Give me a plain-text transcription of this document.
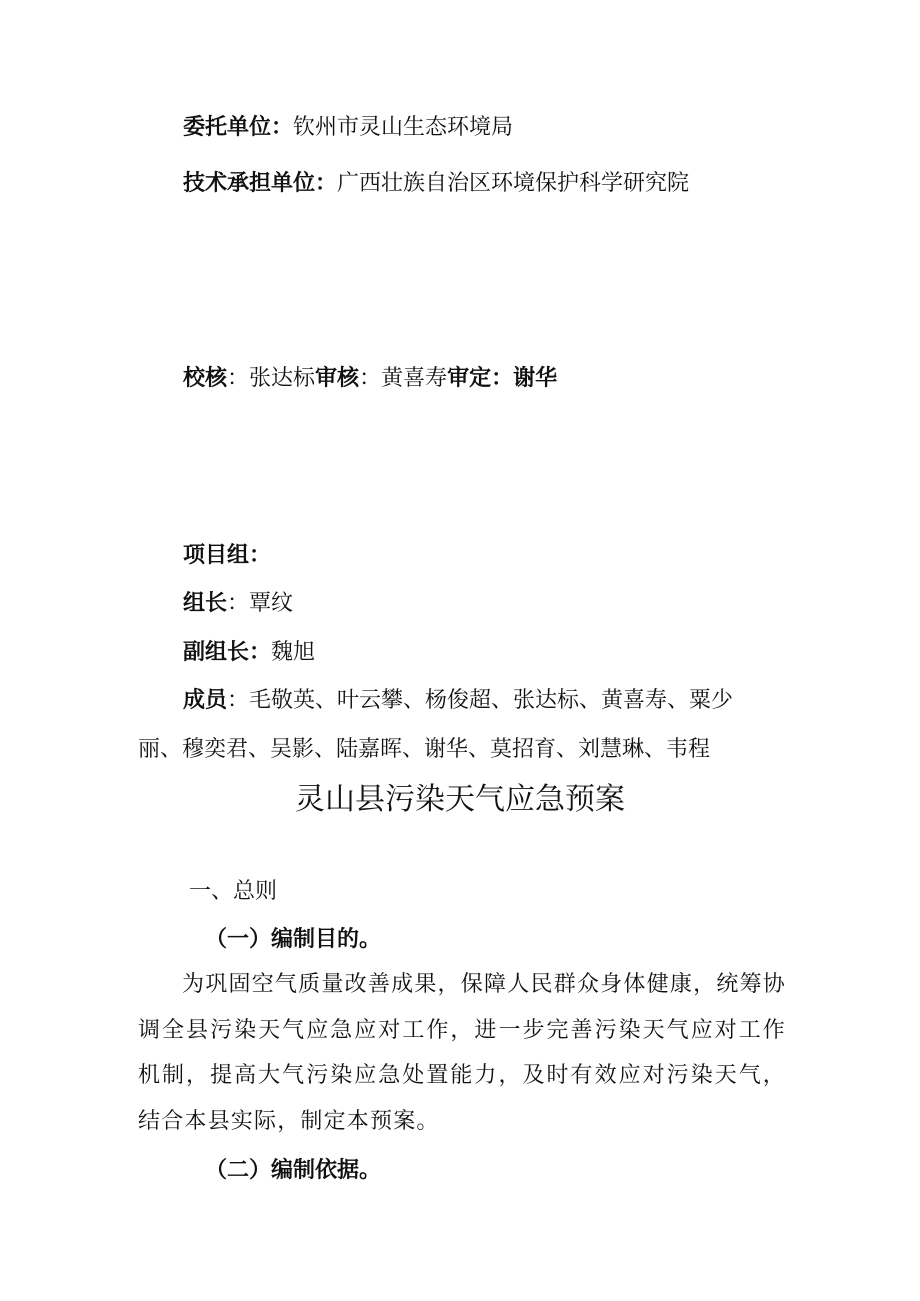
委托单位：钦州市灵山生态环境局
技术承担单位：广西壮族自治区环境保护科学研究院
校核：张达标审核：黄喜寿审定：谢华
项目组：
组长：覃纹
副组长：魏旭
成员：毛敬英、叶云攀、杨俊超、张达标、黄喜寿、粟少
丽、穆奕君、吴影、陆嘉晖、谢华、莫招育、刘慧琳、韦程
灵山县污染天气应急预案
一、总则
（一）编制目的。
为巩固空气质量改善成果，保障人民群众身体健康，统筹协调全县污染天气应急应对工作，进一步完善污染天气应对工作机制，提高大气污染应急处置能力，及时有效应对污染天气，结合本县实际，制定本预案。
（二）编制依据。
